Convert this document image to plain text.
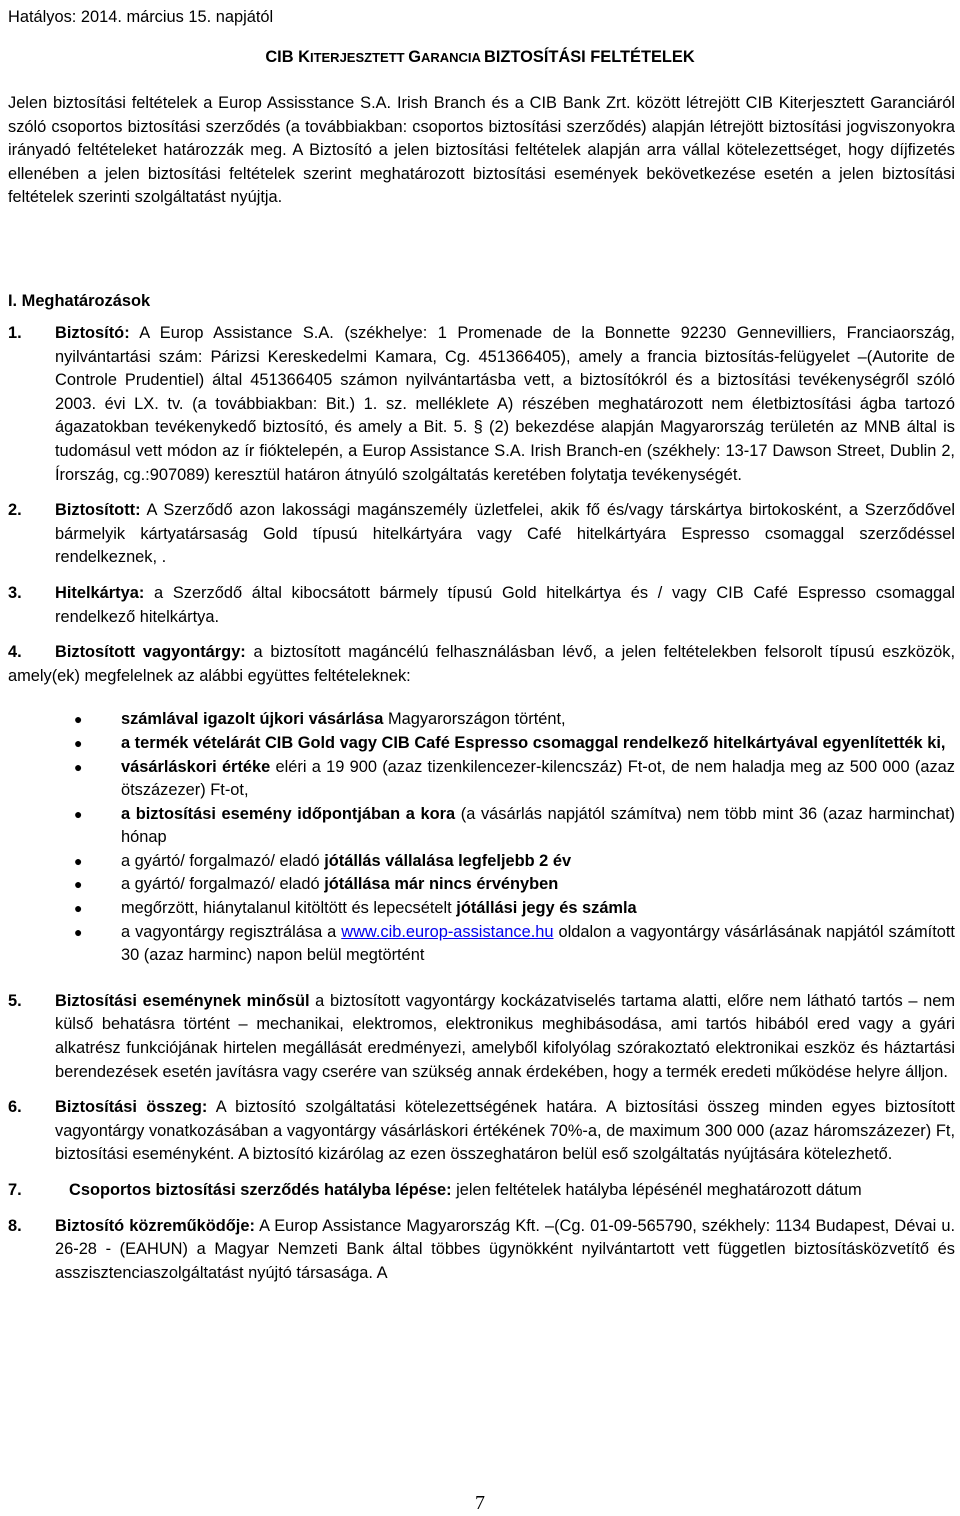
Hatályos: 2014. március 15. napjától
CIB KITERJESZTETT GARANCIA BIZTOSÍTÁSI FELTÉTELEK

Jelen biztosítási feltételek a Europ Assisstance S.A. Irish Branch és a CIB Bank Zrt. között létrejött CIB Kiterjesztett Garanciáról szóló csoportos biztosítási szerződés (a továbbiakban: csoportos biztosítási szerződés) alapján létrejött biztosítási jogviszonyokra irányadó feltételeket határozzák meg. A Biztosító a jelen biztosítási feltételek alapján arra vállal kötelezettséget, hogy díjfizetés ellenében a jelen biztosítási feltételek szerint meghatározott biztosítási események bekövetkezése esetén a jelen biztosítási feltételek szerinti szolgáltatást nyújtja.

I. Meghatározások

1.	Biztosító: A Europ Assistance S.A. (székhelye: 1 Promenade de la Bonnette 92230 Gennevilliers, Franciaország, nyilvántartási szám: Párizsi Kereskedelmi Kamara, Cg. 451366405), amely a francia biztosítás-felügyelet –(Autorite de Controle Prudentiel) által 451366405 számon nyilvántartásba vett, a biztosítókról és a biztosítási tevékenységről szóló 2003. évi LX. tv. (a továbbiakban: Bit.) 1. sz. melléklete A) részében meghatározott nem életbiztosítási ágba tartozó ágazatokban tevékenykedő biztosító, és amely a Bit. 5. § (2) bekezdése alapján Magyarország területén az MNB által is tudomásul vett módon az ír fióktelepén, a Europ Assistance S.A. Irish Branch-en (székhely: 13-17 Dawson Street, Dublin 2, Írország, cg.:907089) keresztül határon átnyúló szolgáltatás keretében folytatja tevékenységét.

2.	Biztosított: A Szerződő azon lakossági magánszemély üzletfelei, akik fő és/vagy társkártya birtokosként, a Szerződővel bármelyik kártyatársaság Gold típusú hitelkártyára vagy Café hitelkártyára Espresso csomaggal szerződéssel rendelkeznek, .

3.	Hitelkártya: a Szerződő által kibocsátott bármely típusú Gold hitelkártya és / vagy CIB Café Espresso csomaggal rendelkező hitelkártya.

4. Biztosított vagyontárgy: a biztosított magáncélú felhasználásban lévő, a jelen feltételekben felsorolt típusú eszközök, amely(ek) megfelelnek az alábbi együttes feltételeknek:
●	számlával igazolt újkori vásárlása Magyarországon történt,
●	a termék vételárát CIB Gold vagy CIB Café Espresso csomaggal rendelkező hitelkártyával egyenlítették ki,
●	vásárláskori értéke eléri a 19 900 (azaz tizenkilencezer-kilencszáz) Ft-ot, de nem haladja meg az 500 000 (azaz ötszázezer) Ft-ot,
●	a biztosítási esemény időpontjában a kora (a vásárlás napjától számítva) nem több mint 36 (azaz harminchat) hónap
●	a gyártó/ forgalmazó/ eladó jótállás vállalása legfeljebb 2 év
●	a gyártó/ forgalmazó/ eladó jótállása már nincs érvényben
●	megőrzött, hiánytalanul kitöltött és lepecsételt jótállási jegy és számla
●	a vagyontárgy regisztrálása a www.cib.europ-assistance.hu oldalon a vagyontárgy vásárlásának napjától számított 30 (azaz harminc) napon belül megtörtént
5.	Biztosítási eseménynek minősül a biztosított vagyontárgy kockázatviselés tartama alatti, előre nem látható tartós – nem külső behatásra történt – mechanikai, elektromos, elektronikus meghibásodása, ami tartós hibából ered vagy a gyári alkatrész funkciójának hirtelen megállását eredményezi, amelyből kifolyólag szórakoztató elektronikai eszköz és háztartási berendezések esetén javításra vagy cserére van szükség annak érdekében, hogy a termék eredeti működése helyre álljon.

6.	Biztosítási összeg: A biztosító szolgáltatási kötelezettségének határa. A biztosítási összeg minden egyes biztosított vagyontárgy vonatkozásában a vagyontárgy vásárláskori értékének 70%-a, de maximum 300 000 (azaz háromszázezer) Ft, biztosítási eseményként. A biztosító kizárólag az ezen összeghatáron belül eső szolgáltatás nyújtására kötelezhető.

7.	Csoportos biztosítási szerződés hatályba lépése: jelen feltételek hatályba lépésénél meghatározott dátum
8.	Biztosító közreműködője: A Europ Assistance Magyarország Kft. –(Cg. 01-09-565790, székhely: 1134 Budapest, Dévai u. 26-28 - (EAHUN) a Magyar Nemzeti Bank által többes ügynökként nyilvántartott vett független biztosításközvetítő és asszisztenciaszolgáltatást nyújtó társasága. A

7
